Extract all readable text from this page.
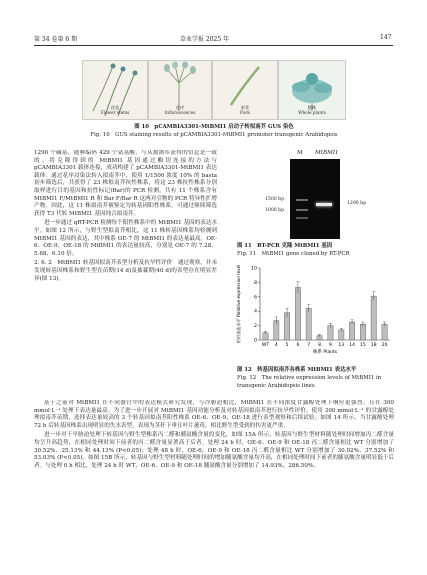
第 34 卷第 6 期	草业学报 2025 年	147
花苞
Flower stems
花序
Inflorescences
果荚
Pods
整株
Whole plants
图 10　pCAMBIA3301-MtBMI1 启动子转拟南芥 GUS 染色
Fig. 10　GUS staining results of pCAMBIA3301-MtBMI1 promoter transgenic Arabidopsis

1290 个碱基，能够编码 429 个氨基酸，与从数据库获得的信息是一致的。将克隆得到的 MtBMI1 基因通过酶切连接的方法与 pCAMBIA3301 载体连接，成功构建了 pCAMBIA3301-MtBMI1 表达载体。通过花序浸染法转入拟南芥中，使用 1/1500 浓度 10% 的 basta 初步筛选后，共获得了 23 株拟南芥抗性株系，将这 23 株抗性株系分别取样进行目的基因和抗性标记(Bar)的 PCR 检测，共有 11 个株系含有 MtBMI1 F/MtBMI1 R 和 Bar F/Bar R 这两对引物的 PCR 特异性扩增产物。因此，这 11 株拟南芥被鉴定为转基因阳性株系，可通过继续筛选获得 T3 代转 MtBMI1 基因纯合拟南芥。

进一步通过 qRT-PCR 检测每个阳性株系中的 MtBMI1 基因的表达水平。如图 12 所示，与野生型拟南芥相比，这 11 株转基因株系均检测到 MtBMI1 基因的表达，其中株系 OE-7 的 MtBMI1 的表达量最高，OE-6、OE-9、OE-18 的 MtBMI1 的表达量较高，分别是 OE-7 的 7.28、5.68、6.10 倍。

2. 6. 2　MtBMI1 转基因拟南芥表型分析及抗旱性评价　通过观察，并未发现转基因株系和野生型在苗期(14 d)及抽薹期(40 d)的表型存在明显差异(图 13)。

M MtBMI1
1500 bp
1000 bp
1290 bp
图 11　RT-PCR 克隆 MtBMI1 基因
Fig. 11　MtBMI1 gene cloned by RT-PCR
0
2
4
6
8
10
WT 4 5 6 7 8 9 13 14 15 18 20
株系 Plants
相对表达水平 Relative expression level
图 12　转基因拟南芥各株系 MtBMI1 表达水平
Fig. 12　The relative expression levels of MtBMI1 in
transgenic Arabidopsis lines

基于之前对 MtBMI1 在不同器官中的表达模式研究发现，与冷胁迫相比，MtBMI1 在不同浓度甘露醇处理下响应更强烈，且在 300 mmol·L⁻¹ 处理下表达量最高。为了进一步开展对 MtBMI1 基因功能分析及对转基因拟南芥进行抗旱性评价，使用 300 mmol·L⁻¹ 的甘露醇处理拟南芥苗期，选择表达量较高的 3 个转基因拟南芥阳性株系 OE-6、OE-9、OE-18 进行表型观察和后续试验。如图 14 所示，当甘露醇处理 72 h 后转基因株系出现明显的失水表型，表现为茎秆下垂且叶片萎蔫，相比野生型受到的伤害更严重。

进一步对干旱胁迫处理下转基因与野生型株系丙二醛和脯氨酸含量的变化，如图 15A 所示，转基因与野生型材料随处理时间增加丙二醛含量均呈升高趋势，在相同处理时间下前者的丙二醛含量显著高于后者。处理 24 h 时，OE-6、OE-9 和 OE-18 丙二醛含量相比 WT 分别增加了 30.52%、25.13% 和 44.13% (P<0.05)；处理 48 h 时，OE-6、OE-9 和 OE-18 丙二醛含量相比 WT 分别增加了 30.02%、37.52% 和 53.03% (P<0.05)。如图 15B 所示，转基因与野生型材料随处理时间的增加脯氨酸含量均升高，在相同处理时间下前者的脯氨酸含量明显低于后者。与处理 0 h 相比，处理 24 h 时 WT、OE-6、OE-9 和 OE-18 脯氨酸含量分别增加了 14.93%、286.50%、
